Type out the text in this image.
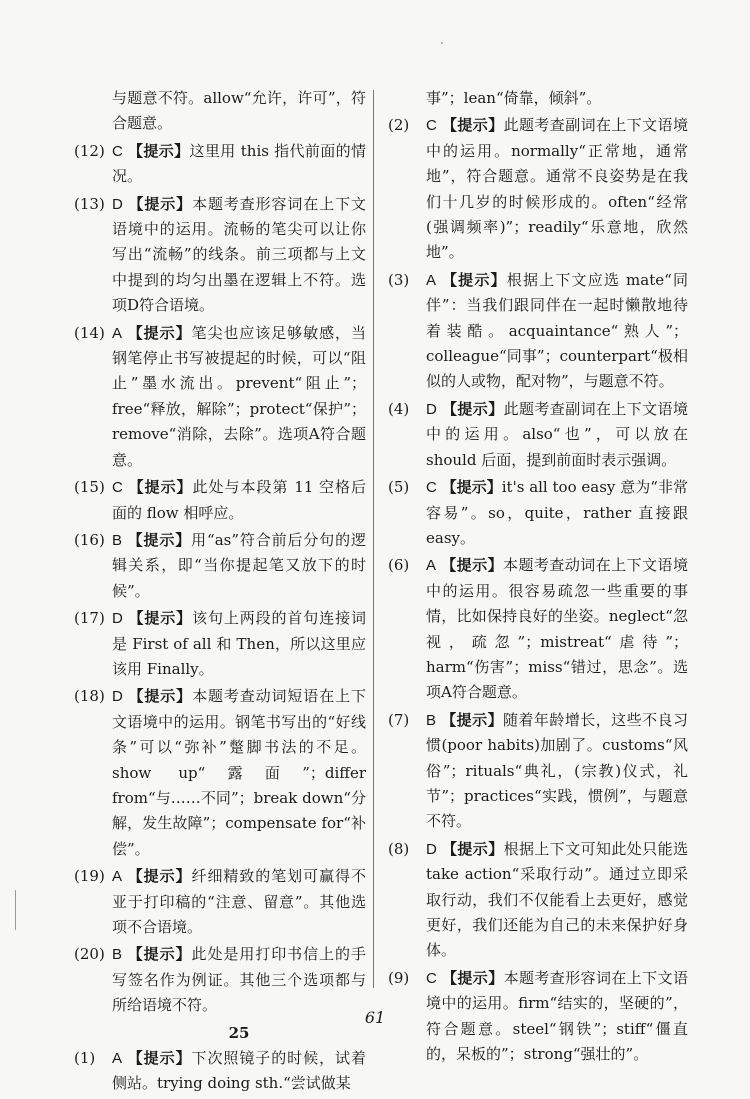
与题意不符。allow“允许，许可”，符合题意。

(12) C 【提示】这里用 this 指代前面的情况。

(13) D 【提示】本题考查形容词在上下文语境中的运用。流畅的笔尖可以让你写出“流畅”的线条。前三项都与上文中提到的均匀出墨在逻辑上不符。选项D符合语境。

(14) A 【提示】笔尖也应该足够敏感，当钢笔停止书写被提起的时候，可以“阻止”墨水流出。prevent“阻止”；free“释放，解除”；protect“保护”；remove“消除，去除”。选项A符合题意。

(15) C 【提示】此处与本段第 11 空格后面的 flow 相呼应。

(16) B 【提示】用“as”符合前后分句的逻辑关系，即“当你提起笔又放下的时候”。

(17) D 【提示】该句上两段的首句连接词是 First of all 和 Then，所以这里应该用 Finally。

(18) D 【提示】本题考查动词短语在上下文语境中的运用。钢笔书写出的“好线条”可以“弥补”蹩脚书法的不足。show up“露面”；differ from“与……不同”；break down“分解，发生故障”；compensate for“补偿”。

(19) A 【提示】纤细精致的笔划可赢得不亚于打印稿的“注意、留意”。其他选项不合语境。

(20) B 【提示】此处是用打印书信上的手写签名作为例证。其他三个选项都与所给语境不符。

25

(1) A 【提示】下次照镜子的时候，试着侧站。trying doing sth.“尝试做某

事”；lean“倚靠，倾斜”。

(2) C 【提示】此题考查副词在上下文语境中的运用。normally“正常地，通常地”，符合题意。通常不良姿势是在我们十几岁的时候形成的。often“经常(强调频率)”；readily“乐意地，欣然地”。

(3) A 【提示】根据上下文应选 mate“同伴”：当我们跟同伴在一起时懒散地待着装酷。acquaintance“熟人”；colleague“同事”；counterpart“极相似的人或物，配对物”，与题意不符。

(4) D 【提示】此题考查副词在上下文语境中的运用。also“也”，可以放在 should 后面，提到前面时表示强调。

(5) C 【提示】it's all too easy 意为“非常容易”。so，quite，rather 直接跟 easy。

(6) A 【提示】本题考查动词在上下文语境中的运用。很容易疏忽一些重要的事情，比如保持良好的坐姿。neglect“忽视，疏忽”；mistreat“虐待”；harm“伤害”；miss“错过，思念”。选项A符合题意。

(7) B 【提示】随着年龄增长，这些不良习惯(poor habits)加剧了。customs“风俗”；rituals“典礼，(宗教)仪式，礼节”；practices“实践，惯例”，与题意不符。

(8) D 【提示】根据上下文可知此处只能选 take action“采取行动”。通过立即采取行动，我们不仅能看上去更好，感觉更好，我们还能为自己的未来保护好身体。

(9) C 【提示】本题考查形容词在上下文语境中的运用。firm“结实的，坚硬的”，符合题意。steel“钢铁”；stiff“僵直的，呆板的”；strong“强壮的”。

61
